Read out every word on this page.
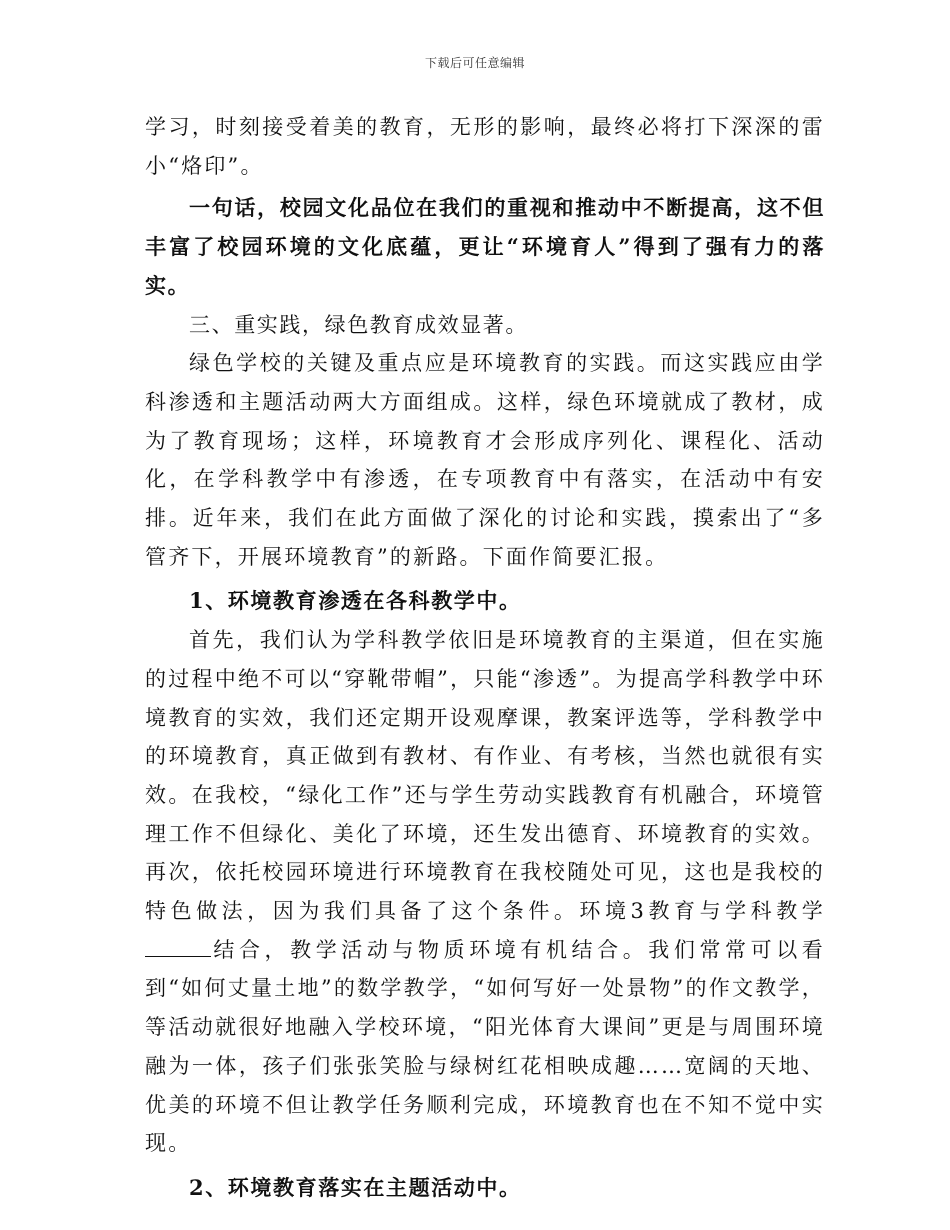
下载后可任意编辑

学习，时刻接受着美的教育，无形的影响，最终必将打下深深的雷小“烙印”。

一句话，校园文化品位在我们的重视和推动中不断提高，这不但丰富了校园环境的文化底蕴，更让“环境育人”得到了强有力的落实。

三、重实践，绿色教育成效显著。

绿色学校的关键及重点应是环境教育的实践。而这实践应由学科渗透和主题活动两大方面组成。这样，绿色环境就成了教材，成为了教育现场；这样，环境教育才会形成序列化、课程化、活动化，在学科教学中有渗透，在专项教育中有落实，在活动中有安排。近年来，我们在此方面做了深化的讨论和实践，摸索出了“多管齐下，开展环境教育”的新路。下面作简要汇报。

1、环境教育渗透在各科教学中。

首先，我们认为学科教学依旧是环境教育的主渠道，但在实施的过程中绝不可以“穿靴带帽”，只能“渗透”。为提高学科教学中环境教育的实效，我们还定期开设观摩课，教案评选等，学科教学中的环境教育，真正做到有教材、有作业、有考核，当然也就很有实效。在我校，“绿化工作”还与学生劳动实践教育有机融合，环境管理工作不但绿化、美化了环境，还生发出德育、环境教育的实效。再次，依托校园环境进行环境教育在我校随处可见，这也是我校的特色做法，因为我们具备了这个条件。环境3教育与学科教学结合，教学活动与物质环境有机结合。我们常常可以看到“如何丈量土地”的数学教学，“如何写好一处景物”的作文教学，等活动就很好地融入学校环境，“阳光体育大课间”更是与周围环境融为一体，孩子们张张笑脸与绿树红花相映成趣……宽阔的天地、优美的环境不但让教学任务顺利完成，环境教育也在不知不觉中实现。

2、环境教育落实在主题活动中。
